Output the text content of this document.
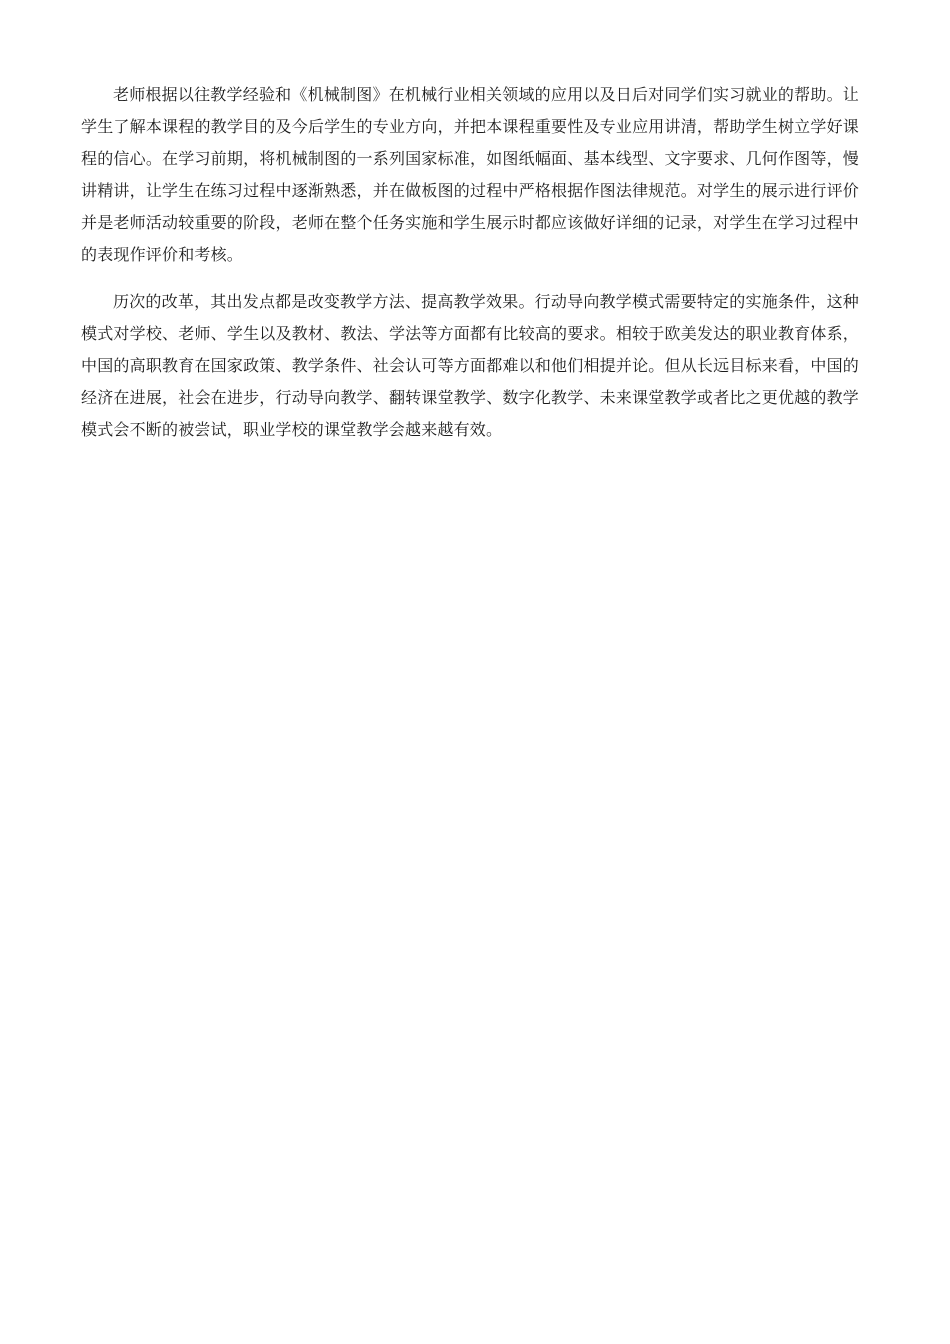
老师根据以往教学经验和《机械制图》在机械行业相关领域的应用以及日后对同学们实习就业的帮助。让学生了解本课程的教学目的及今后学生的专业方向，并把本课程重要性及专业应用讲清，帮助学生树立学好课程的信心。在学习前期，将机械制图的一系列国家标准，如图纸幅面、基本线型、文字要求、几何作图等，慢讲精讲，让学生在练习过程中逐渐熟悉，并在做板图的过程中严格根据作图法律规范。对学生的展示进行评价并是老师活动较重要的阶段，老师在整个任务实施和学生展示时都应该做好详细的记录，对学生在学习过程中的表现作评价和考核。

历次的改革，其出发点都是改变教学方法、提高教学效果。行动导向教学模式需要特定的实施条件，这种模式对学校、老师、学生以及教材、教法、学法等方面都有比较高的要求。相较于欧美发达的职业教育体系，中国的高职教育在国家政策、教学条件、社会认可等方面都难以和他们相提并论。但从长远目标来看，中国的经济在进展，社会在进步，行动导向教学、翻转课堂教学、数字化教学、未来课堂教学或者比之更优越的教学模式会不断的被尝试，职业学校的课堂教学会越来越有效。
